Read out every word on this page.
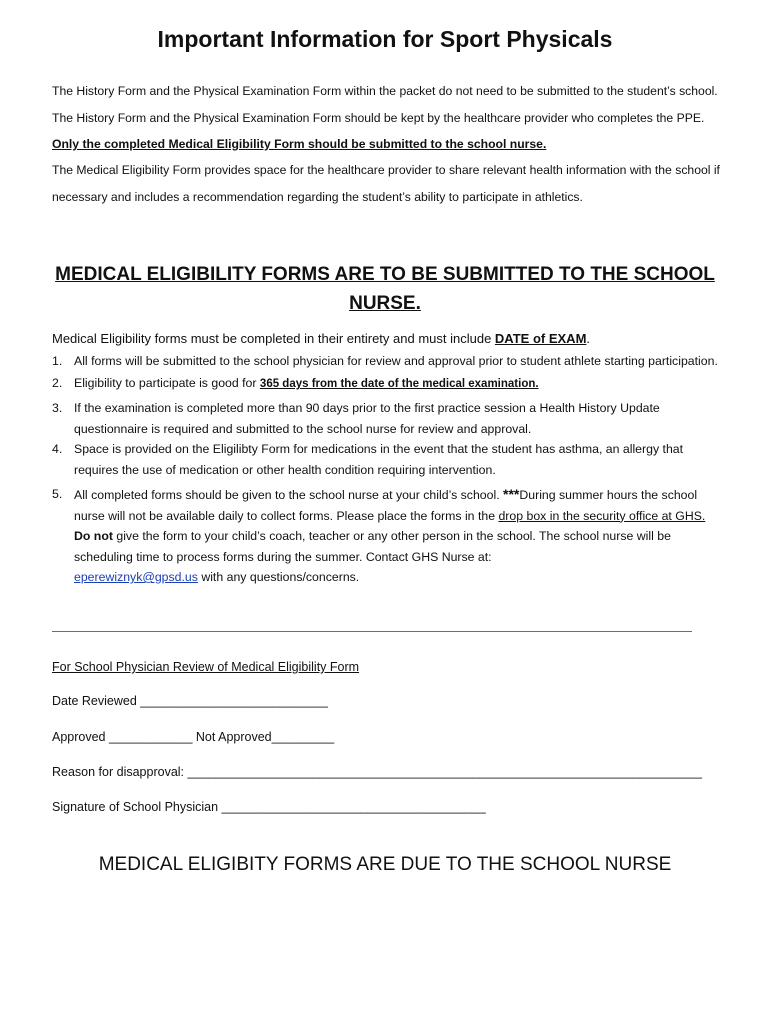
Important Information for Sport Physicals
The History Form and the Physical Examination Form within the packet do not need to be submitted to the student’s school. The History Form and the Physical Examination Form should be kept by the healthcare provider who completes the PPE. Only the completed Medical Eligibility Form should be submitted to the school nurse.
The Medical Eligibility Form provides space for the healthcare provider to share relevant health information with the school if necessary and includes a recommendation regarding the student’s ability to participate in athletics.
MEDICAL ELIGIBILITY FORMS ARE TO BE SUBMITTED TO THE SCHOOL NURSE.
Medical Eligibility forms must be completed in their entirety and must include DATE of EXAM.
1. All forms will be submitted to the school physician for review and approval prior to student athlete starting participation.
2. Eligibility to participate is good for 365 days from the date of the medical examination.
3. If the examination is completed more than 90 days prior to the first practice session a Health History Update questionnaire is required and submitted to the school nurse for review and approval.
4. Space is provided on the Eligilibty Form for medications in the event that the student has asthma, an allergy that requires the use of medication or other health condition requiring intervention.
5. All completed forms should be given to the school nurse at your child’s school. ***During summer hours the school nurse will not be available daily to collect forms. Please place the forms in the drop box in the security office at GHS. Do not give the form to your child’s coach, teacher or any other person in the school. The school nurse will be scheduling time to process forms during the summer. Contact GHS Nurse at:
eperewiznyk@gpsd.us with any questions/concerns.
For School Physician Review of Medical Eligibility Form
Date Reviewed ___________________________
Approved ____________ Not Approved_________
Reason for disapproval: __________________________________________________________________________
Signature of School Physician ______________________________________
MEDICAL ELIGIBITY FORMS ARE DUE TO THE SCHOOL NURSE
